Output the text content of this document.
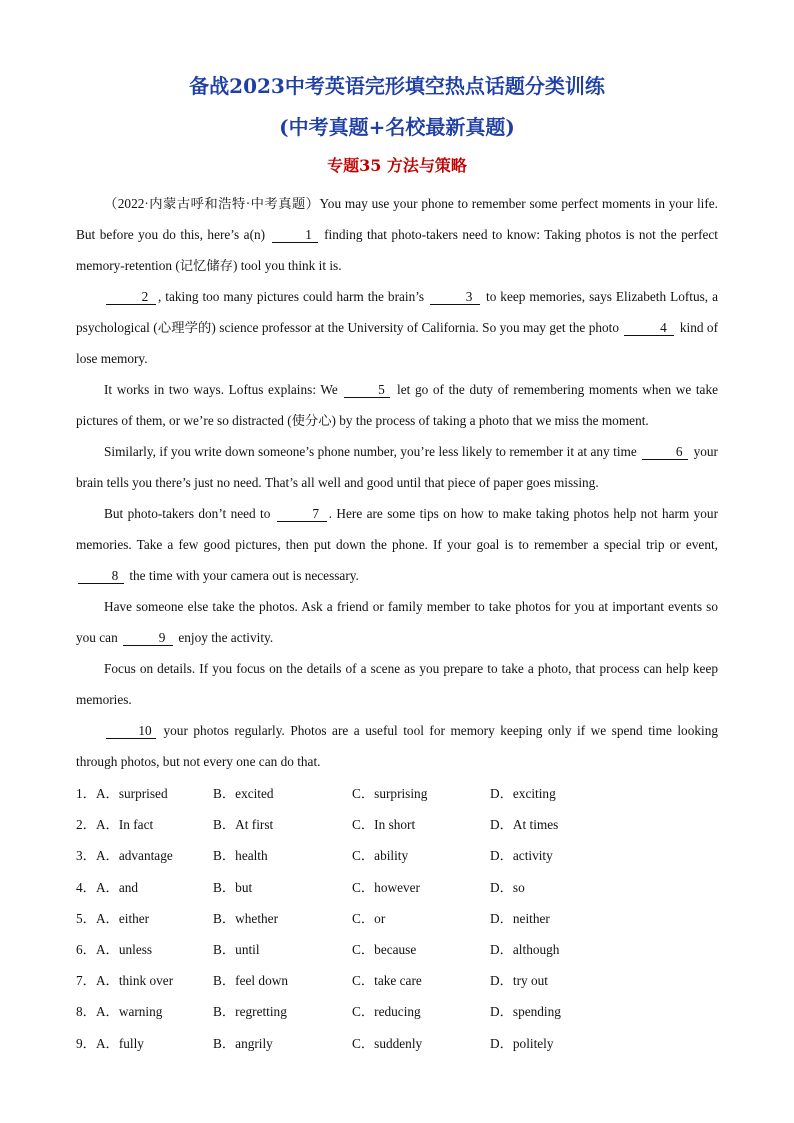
备战2023中考英语完形填空热点话题分类训练
(中考真题+名校最新真题)
专题35 方法与策略

（2022·内蒙古呼和浩特·中考真题）You may use your phone to remember some perfect moments in your life. But before you do this, here’s a(n)	1 finding that photo-takers need to know: Taking photos is not the perfect memory-retention (记忆储存) tool you think it is.

2 , taking too many pictures could harm the brain’s	3 to keep memories, says Elizabeth Loftus, a psychological (心理学的) science professor at the University of California. So you may get the photo	4 kind of lose memory.

It works in two ways. Loftus explains: We	5 let go of the duty of remembering moments when we take pictures of them, or we’re so distracted (使分心) by the process of taking a photo that we miss the moment.

Similarly, if you write down someone’s phone number, you’re less likely to remember it at any time	6 your brain tells you there’s just no need. That’s all well and good until that piece of paper goes missing.

But photo-takers don’t need to	7 . Here are some tips on how to make taking photos help not harm your memories. Take a few good pictures, then put down the phone. If your goal is to remember a special trip or event, 8 the time with your camera out is necessary.

Have someone else take the photos. Ask a friend or family member to take photos for you at important events so you can	9 enjoy the activity.

Focus on details. If you focus on the details of a scene as you prepare to take a photo, that process can help keep memories.

10 your photos regularly. Photos are a useful tool for memory keeping only if we spend time looking through photos, but not every one can do that.

1．A．surprised	B．excited	C．surprising	D．exciting
2．A．In fact	B．At first	C．In short	D．At times
3．A．advantage	B．health	C．ability	D．activity
4．A．and	B．but	C．however	D．so
5．A．either	B．whether	C．or	D．neither
6．A．unless	B．until	C．because	D．although
7．A．think over	B．feel down	C．take care	D．try out
8．A．warning	B．regretting	C．reducing	D．spending
9．A．fully	B．angrily	C．suddenly	D．politely
